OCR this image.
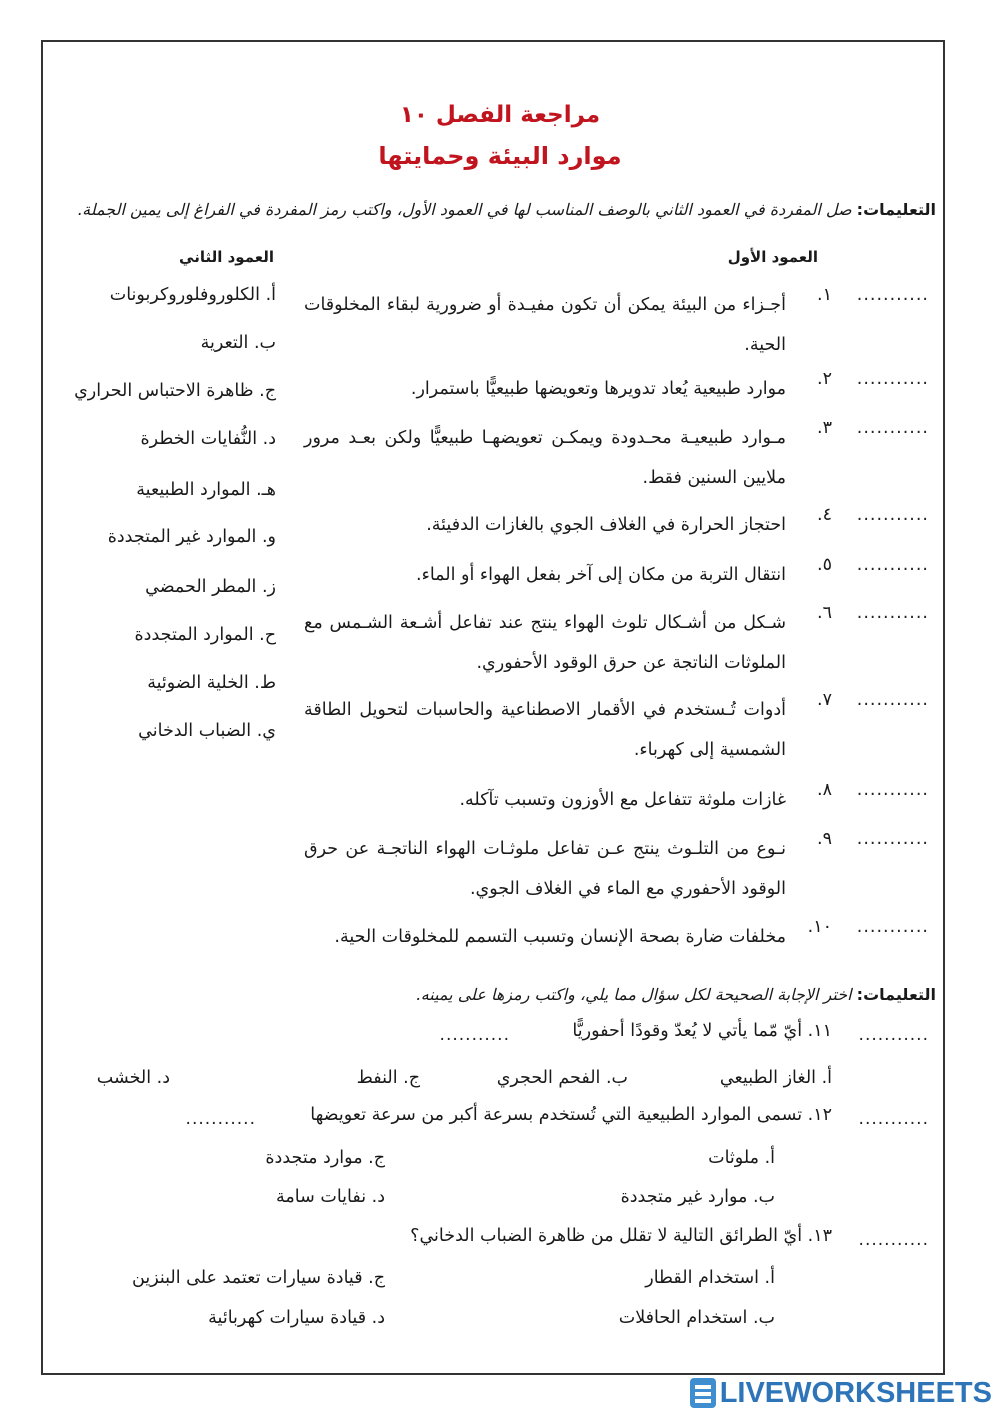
مراجعة الفصل ١٠
موارد البيئة وحمايتها
التعليمات: صل المفردة في العمود الثاني بالوصف المناسب لها في العمود الأول، واكتب رمز المفردة في الفراغ إلى يمين الجملة.
العمود الأول
العمود الثاني
...........
١.
أجـزاء من البيئة يمكن أن تكون مفيـدة أو ضرورية لبقاء المخلوقات الحية.
...........
٢.
موارد طبيعية يُعاد تدويرها وتعويضها طبيعيًّا باستمرار.
...........
٣.
مـوارد طبيعيـة محـدودة ويمكـن تعويضهـا طبيعيًّا ولكن بعـد مرور ملايين السنين فقط.
...........
٤.
احتجاز الحرارة في الغلاف الجوي بالغازات الدفيئة.
...........
٥.
انتقال التربة من مكان إلى آخر بفعل الهواء أو الماء.
...........
٦.
شـكل من أشـكال تلوث الهواء ينتج عند تفاعل أشـعة الشـمس مع الملوثات الناتجة عن حرق الوقود الأحفوري.
...........
٧.
أدوات تُـستخدم في الأقمار الاصطناعية والحاسبات لتحويل الطاقة الشمسية إلى كهرباء.
...........
٨.
غازات ملوثة تتفاعل مع الأوزون وتسبب تآكله.
...........
٩.
نـوع من التلـوث ينتج عـن تفاعل ملوثـات الهواء الناتجـة عن حرق الوقود الأحفوري مع الماء في الغلاف الجوي.
...........
١٠.
مخلفات ضارة بصحة الإنسان وتسبب التسمم للمخلوقات الحية.
أ. الكلوروفلوروكربونات
ب. التعرية
ج. ظاهرة الاحتباس الحراري
د. النُّفايات الخطرة
هـ. الموارد الطبيعية
و. الموارد غير المتجددة
ز. المطر الحمضي
ح. الموارد المتجددة
ط. الخلية الضوئية
ي. الضباب الدخاني
التعليمات: اختر الإجابة الصحيحة لكل سؤال مما يلي، واكتب رمزها على يمينه.
...........
١١. أيّ مّما يأتي لا يُعدّ وقودًا أحفوريًّا
...........
أ. الغاز الطبيعي
ب. الفحم الحجري
ج. النفط
د. الخشب
...........
١٢. تسمى الموارد الطبيعية التي تُستخدم بسرعة أكبر من سرعة تعويضها
...........
أ. ملوثات
ج. موارد متجددة
ب. موارد غير متجددة
د. نفايات سامة
...........
١٣. أيّ الطرائق التالية لا تقلل من ظاهرة الضباب الدخاني؟
أ. استخدام القطار
ج. قيادة سيارات تعتمد على البنزين
ب. استخدام الحافلات
د. قيادة سيارات كهربائية
LIVEWORKSHEETS
